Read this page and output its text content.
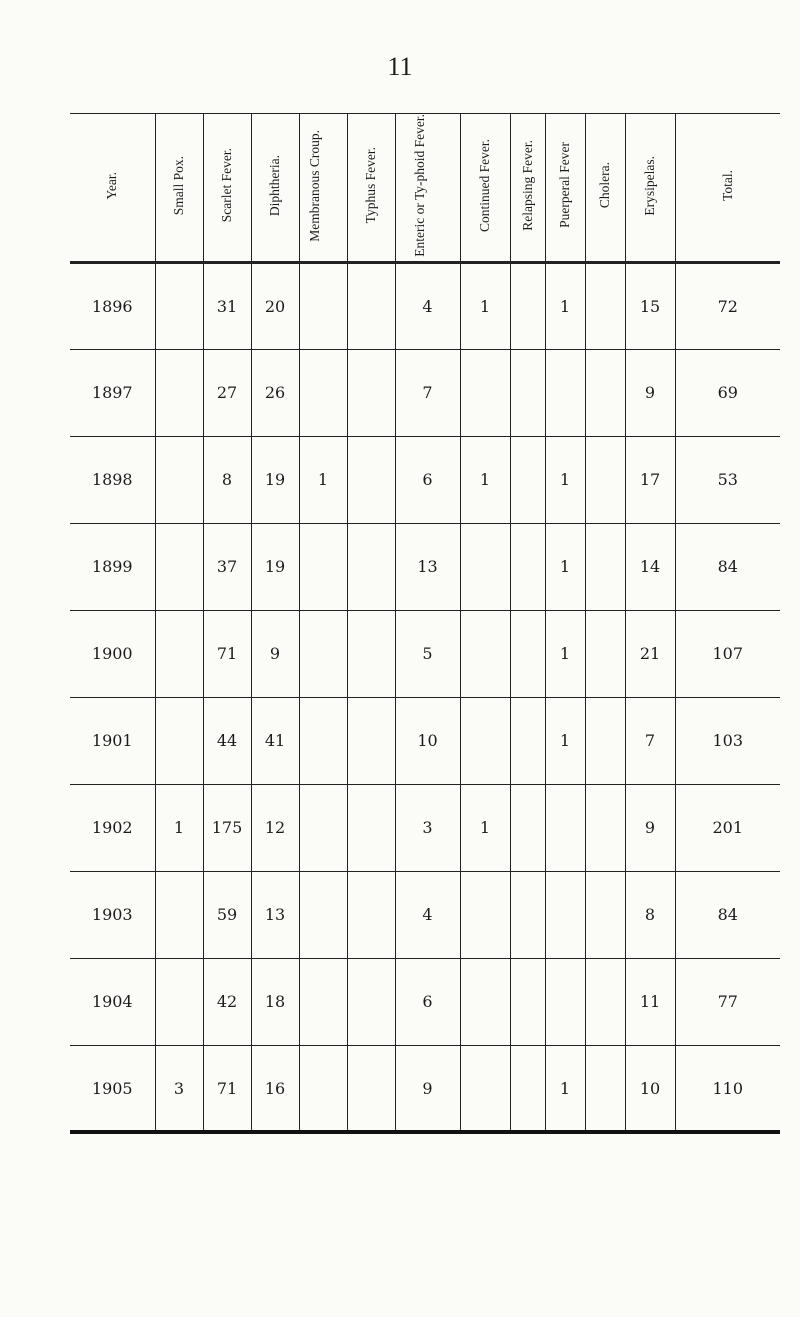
11
Year.	Small Pox.	Scarlet Fever.	Diphtheria.	Membranous Croup.	Typhus Fever.	Enteric or Ty-phoid Fever.	Continued Fever.	Relapsing Fever.	Puerperal Fever	Cholera.	Erysipelas.	Total.
1896		31	20			4	1		1		15	72
1897		27	26			7					9	69
1898		8	19	1		6	1		1		17	53
1899		37	19			13			1		14	84
1900		71	9			5			1		21	107
1901		44	41			10			1		7	103
1902	1	175	12			3	1				9	201
1903		59	13			4					8	84
1904		42	18			6					11	77
1905	3	71	16			9			1		10	110
